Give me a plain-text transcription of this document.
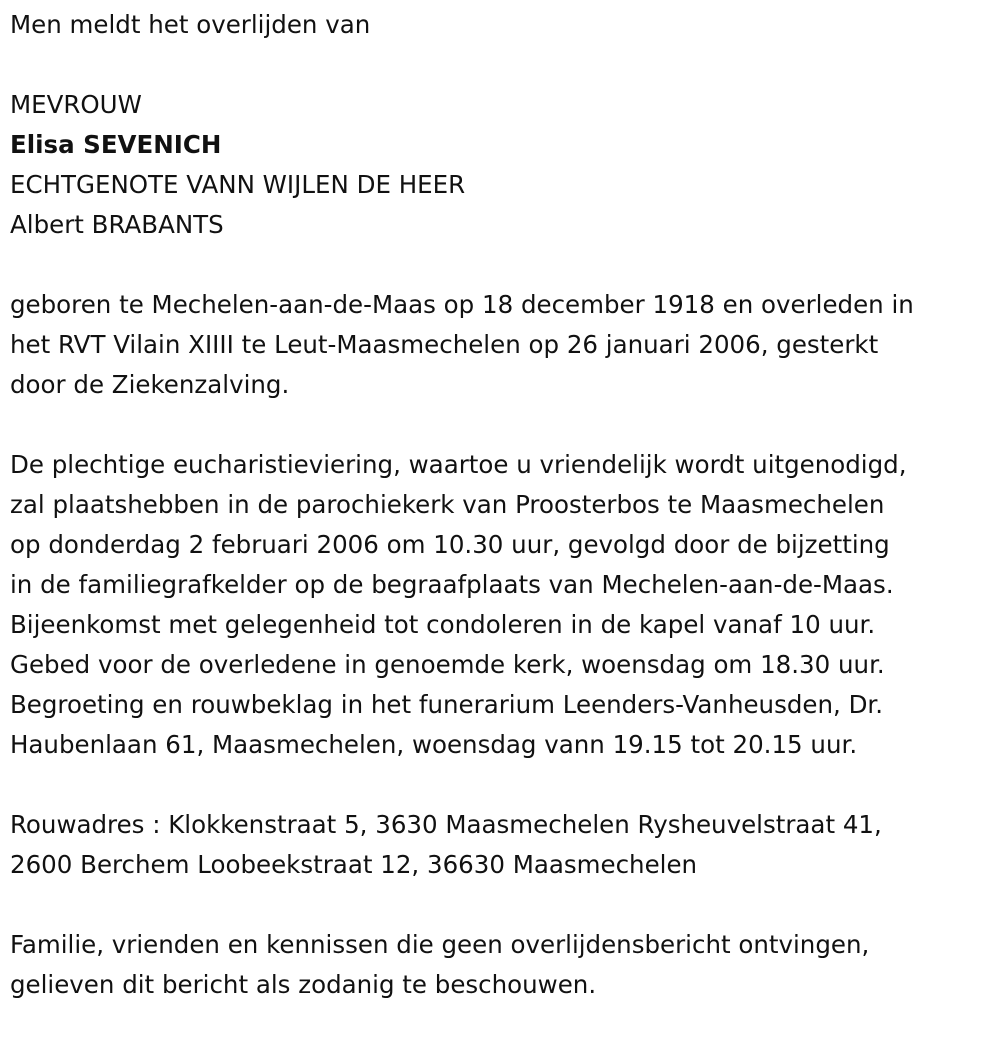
Men meldt het overlijden van
MEVROUW
Elisa SEVENICH
ECHTGENOTE VANN WIJLEN DE HEER
Albert BRABANTS
geboren te Mechelen-aan-de-Maas op 18 december 1918 en overleden in
het RVT Vilain XIIII te Leut-Maasmechelen op 26 januari 2006, gesterkt
door de Ziekenzalving.
De plechtige eucharistieviering, waartoe u vriendelijk wordt uitgenodigd,
zal plaatshebben in de parochiekerk van Proosterbos te Maasmechelen
op donderdag 2 februari 2006 om 10.30 uur, gevolgd door de bijzetting
in de familiegrafkelder op de begraafplaats van Mechelen-aan-de-Maas.
Bijeenkomst met gelegenheid tot condoleren in de kapel vanaf 10 uur.
Gebed voor de overledene in genoemde kerk, woensdag om 18.30 uur.
Begroeting en rouwbeklag in het funerarium Leenders-Vanheusden, Dr.
Haubenlaan 61, Maasmechelen, woensdag vann 19.15 tot 20.15 uur.
Rouwadres : Klokkenstraat 5, 3630 Maasmechelen Rysheuvelstraat 41,
2600 Berchem Loobeekstraat 12, 36630 Maasmechelen
Familie, vrienden en kennissen die geen overlijdensbericht ontvingen,
gelieven dit bericht als zodanig te beschouwen.
